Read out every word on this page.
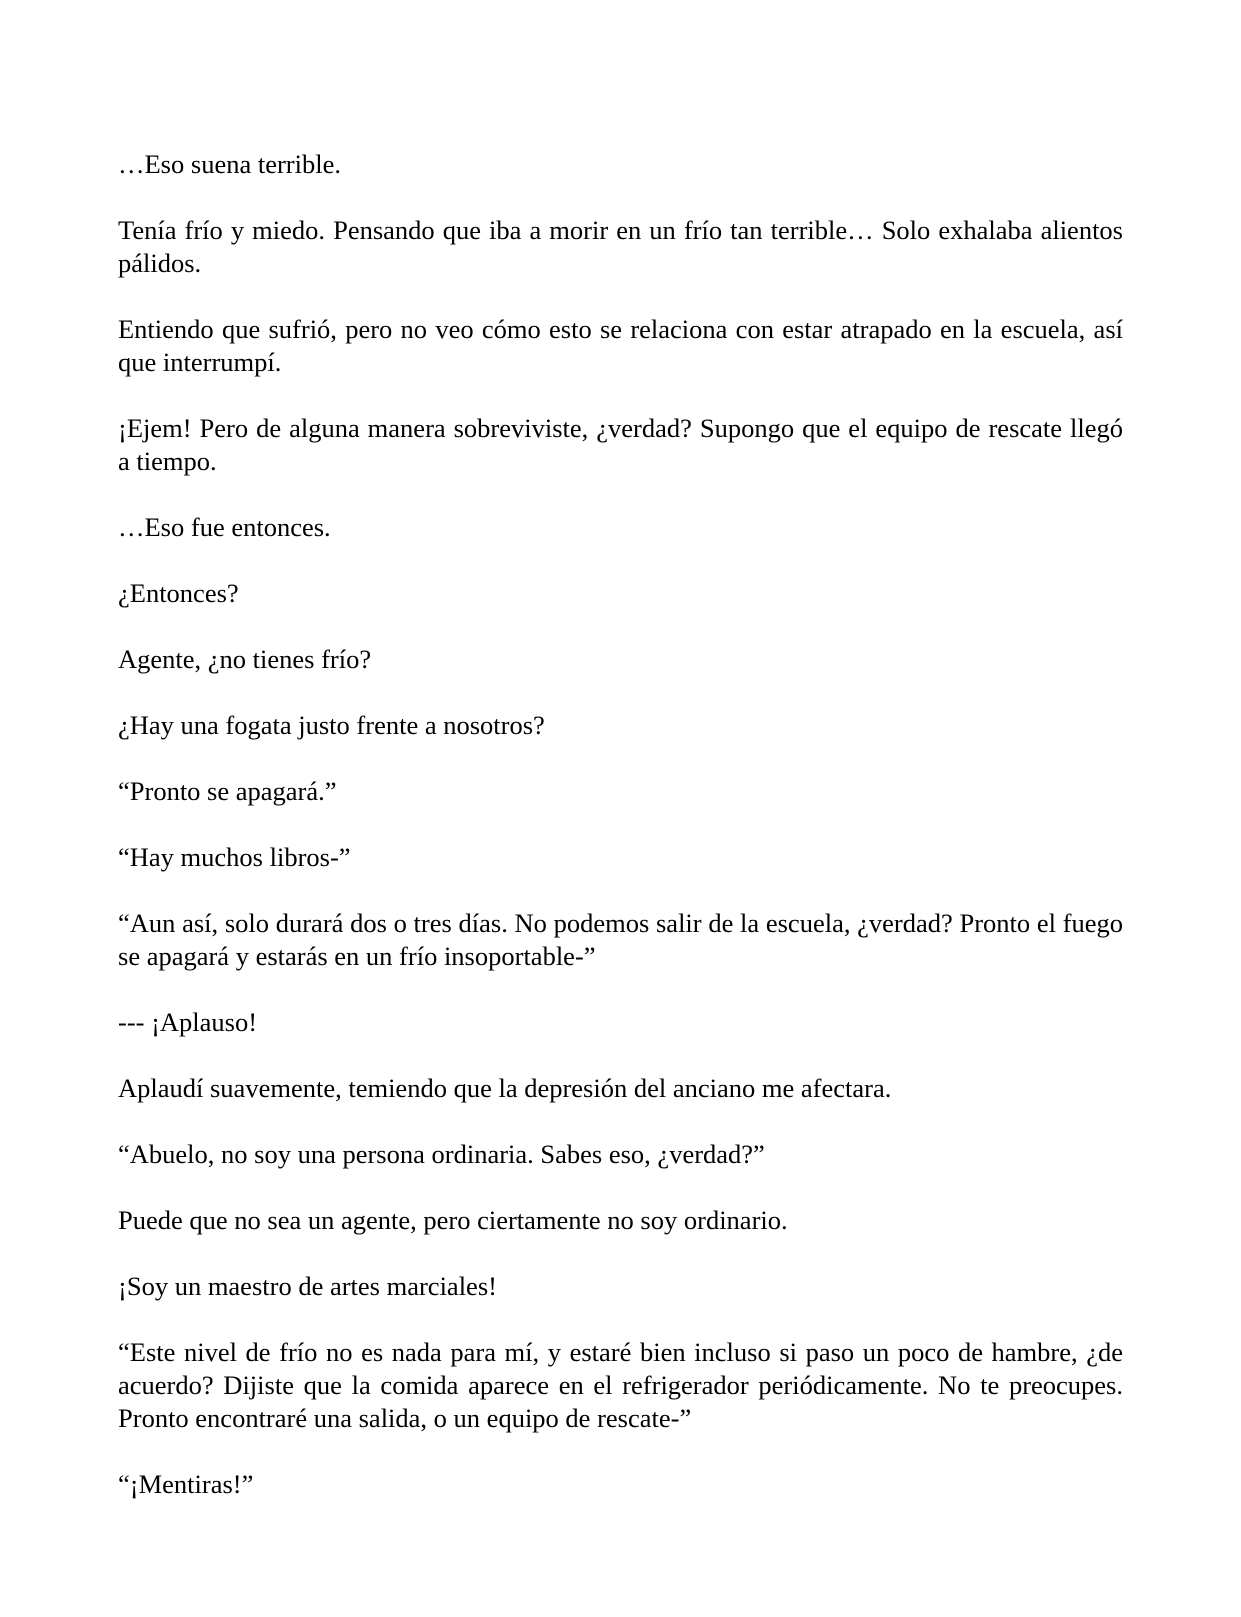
…Eso suena terrible.

Tenía frío y miedo. Pensando que iba a morir en un frío tan terrible… Solo exhalaba alientos pálidos.

Entiendo que sufrió, pero no veo cómo esto se relaciona con estar atrapado en la escuela, así que interrumpí.

¡Ejem! Pero de alguna manera sobreviviste, ¿verdad? Supongo que el equipo de rescate llegó a tiempo.

…Eso fue entonces.

¿Entonces?

Agente, ¿no tienes frío?

¿Hay una fogata justo frente a nosotros?

“Pronto se apagará.”

“Hay muchos libros-”

“Aun así, solo durará dos o tres días. No podemos salir de la escuela, ¿verdad? Pronto el fuego se apagará y estarás en un frío insoportable-”

--- ¡Aplauso!

Aplaudí suavemente, temiendo que la depresión del anciano me afectara.

“Abuelo, no soy una persona ordinaria. Sabes eso, ¿verdad?”

Puede que no sea un agente, pero ciertamente no soy ordinario.

¡Soy un maestro de artes marciales!

“Este nivel de frío no es nada para mí, y estaré bien incluso si paso un poco de hambre, ¿de acuerdo? Dijiste que la comida aparece en el refrigerador periódicamente. No te preocupes. Pronto encontraré una salida, o un equipo de rescate-”

“¡Mentiras!”
